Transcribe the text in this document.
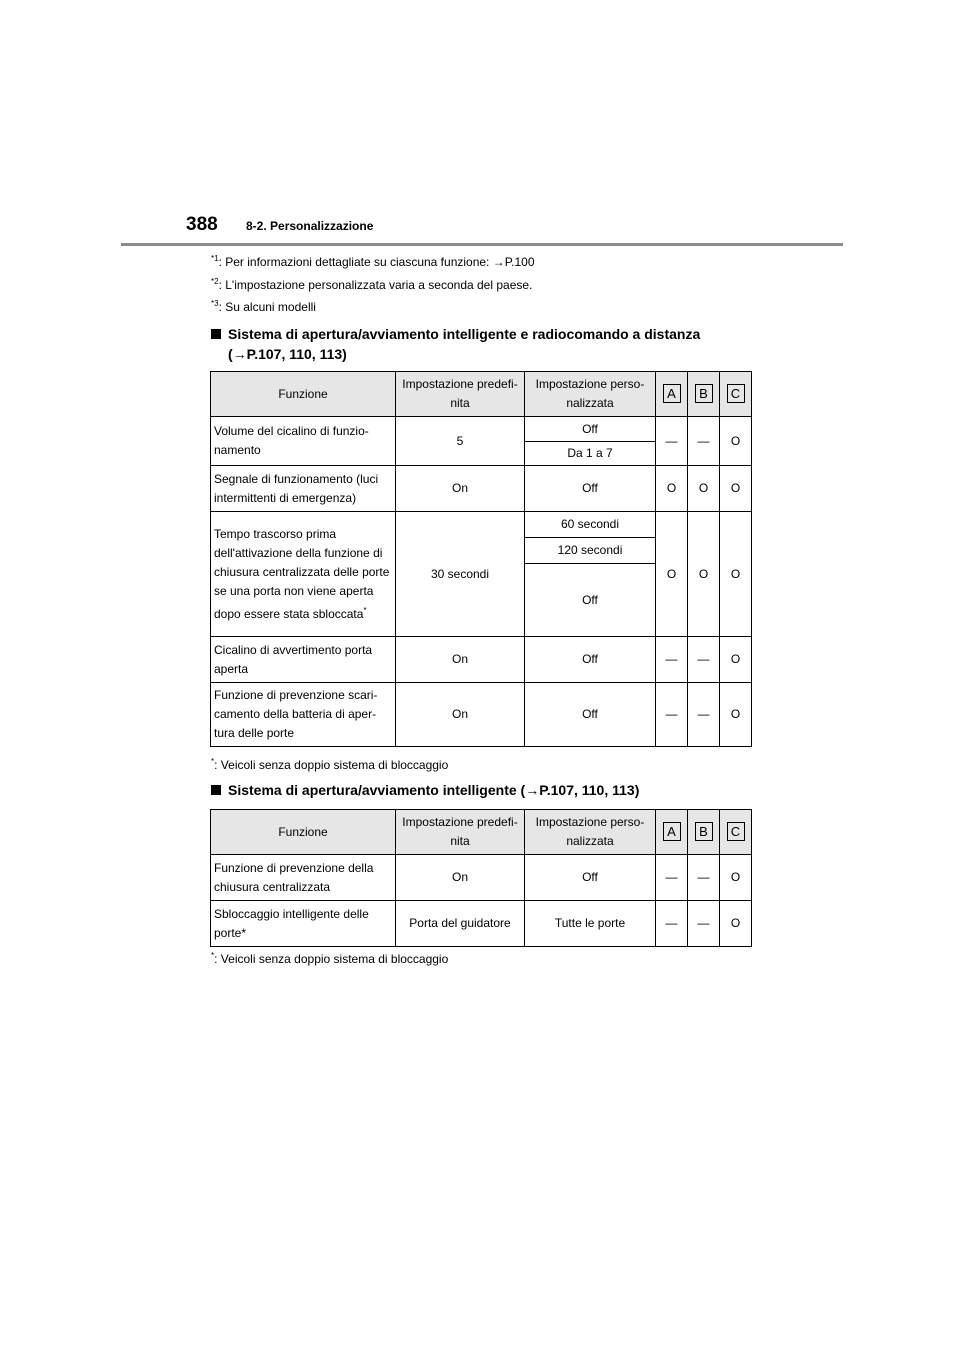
388 8-2. Personalizzazione
$^{*1}$: Per informazioni dettagliate su ciascuna funzione: →P.100
$^{*2}$: L'impostazione personalizzata varia a seconda del paese.
$^{*3}$: Su alcuni modelli
Sistema di apertura/avviamento intelligente e radiocomando a distanza
(→P.107, 110, 113)
Funzione	Impostazione predefi-nita	Impostazione perso-nalizzata	A	B	C
Volume del cicalino di funzio-namento	5	Off	—	—	O
		Da 1 a 7			
Segnale di funzionamento (luci intermittenti di emergenza)	On	Off	O	O	O
Tempo trascorso prima dell'attivazione della funzione di chiusura centralizzata delle porte se una porta non viene aperta dopo essere stata sbloccata*	30 secondi	60 secondi	O	O	O
		120 secondi			
		Off			
Cicalino di avvertimento porta aperta	On	Off	—	—	O
Funzione di prevenzione scari-camento della batteria di aper-tura delle porte	On	Off	—	—	O
*: Veicoli senza doppio sistema di bloccaggio
Sistema di apertura/avviamento intelligente (→P.107, 110, 113)
Funzione	Impostazione predefi-nita	Impostazione perso-nalizzata	A	B	C
Funzione di prevenzione della chiusura centralizzata	On	Off	—	—	O
Sbloccaggio intelligente delle porte*	Porta del guidatore	Tutte le porte	—	—	O
*: Veicoli senza doppio sistema di bloccaggio
